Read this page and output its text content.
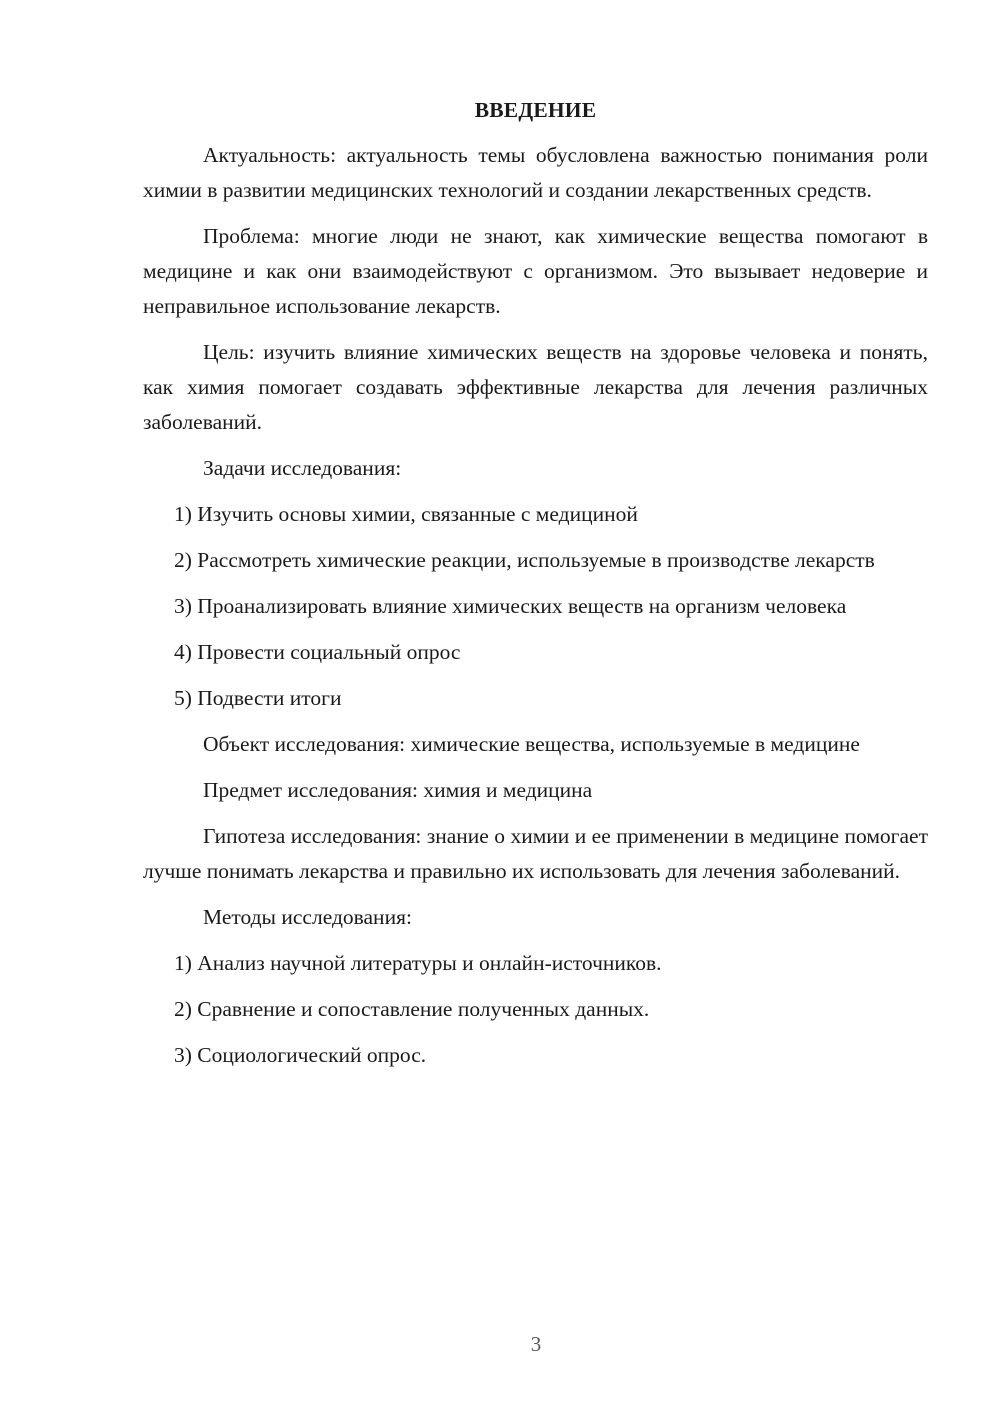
ВВЕДЕНИЕ

Актуальность: актуальность темы обусловлена важностью понимания роли химии в развитии медицинских технологий и создании лекарственных средств.

Проблема: многие люди не знают, как химические вещества помогают в медицине и как они взаимодействуют с организмом. Это вызывает недоверие и неправильное использование лекарств.

Цель: изучить влияние химических веществ на здоровье человека и понять, как химия помогает создавать эффективные лекарства для лечения различных заболеваний.

Задачи исследования:

1) Изучить основы химии, связанные с медициной

2) Рассмотреть химические реакции, используемые в производстве лекарств

3) Проанализировать влияние химических веществ на организм человека

4) Провести социальный опрос

5) Подвести итоги

Объект исследования: химические вещества, используемые в медицине

Предмет исследования: химия и медицина

Гипотеза исследования: знание о химии и ее применении в медицине помогает лучше понимать лекарства и правильно их использовать для лечения заболеваний.

Методы исследования:

1) Анализ научной литературы и онлайн-источников.

2) Сравнение и сопоставление полученных данных.

3) Социологический опрос.

3
